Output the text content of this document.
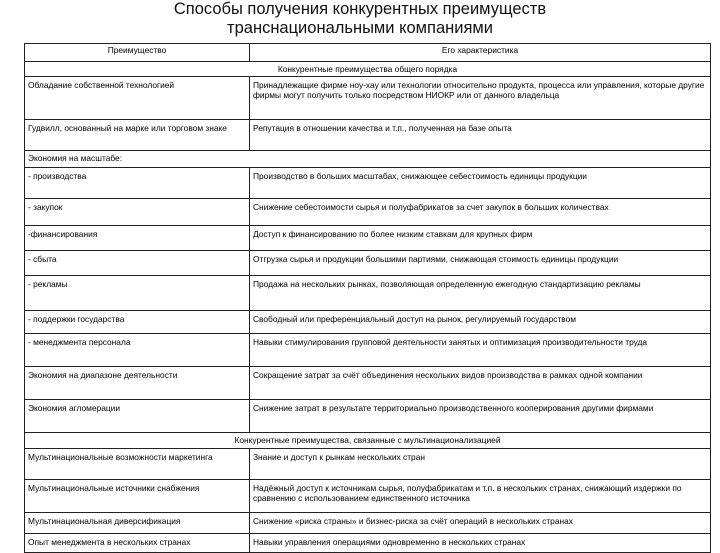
Способы получения конкурентных преимуществ
транснациональными компаниями
Преимущество	Его характеристика
Конкурентные преимущества общего порядка	
Обладание собственной технологией	Принадлежащие фирме ноу-хау или технологии относительно продукта, процесса или управления, которые другие фирмы могут получить только посредством НИОКР или от данного владельца
Гудвилл, основанный на марке или торговом знаке	Репутация в отношении качества и т.п., полученная на базе опыта
Экономия на масштабе:	
- производства	Производство в больших масштабах, снижающее себестоимость единицы продукции
- закупок	Снижение себестоимости сырья и полуфабрикатов за счет закупок в больших количествах
-финансирования	Доступ к финансированию по более низким ставкам для крупных фирм
- сбыта	Отгрузка сырья и продукции большими партиями, снижающая стоимость единицы продукции
- рекламы	Продажа на нескольких рынках, позволяющая определенную ежегодную стандартизацию рекламы
- поддержки государства	Свободный или преференциальный доступ на рынок, регулируемый государством
- менеджмента персонала	Навыки стимулирования групповой деятельности занятых и оптимизация производительности труда
Экономия на диапазоне деятельности	Сокращение затрат за счёт объединения нескольких видов производства в рамках одной компании
Экономия агломерации	Снижение затрат в результате территориально производственного кооперирования другими фирмами
Конкурентные преимущества, связанные с мультинационализацией	
Мультинациональные возможности маркетинга	Знание и доступ к рынкам нескольких стран
Мультинациональные источники снабжения	Надёжный доступ к источникам сырья, полуфабрикатам и т.п. в нескольких странах, снижающий издержки по сравнению с использованием единственного источника
Мультинациональная диверсификация	Снижение «риска страны» и бизнес-риска за счёт операций в нескольких странах
Опыт менеджмента в нескольких странах	Навыки управления операциями одновременно в нескольких странах
